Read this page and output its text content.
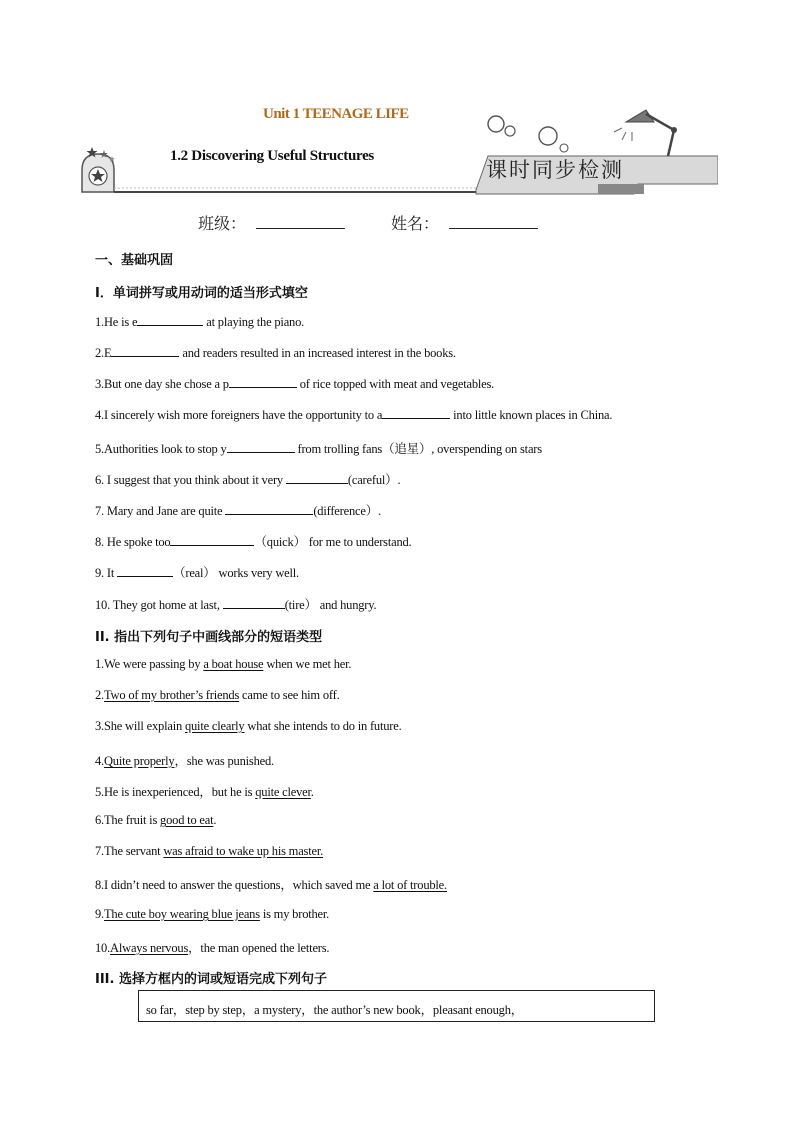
Unit 1 TEENAGE LIFE
1.2 Discovering Useful Structures
课时同步检测
班级：	姓名：
一、基础巩固
I．单词拼写或用动词的适当形式填空
1.He is e	at playing the piano.
2.E	and readers resulted in an increased interest in the books.
3.But one day she chose a p	of rice topped with meat and vegetables.
4.I sincerely wish more foreigners have the opportunity to a	into little known places in China.
5.Authorities look to stop y	from trolling fans（追星）, overspending on stars
6. I suggest that you think about it very	(careful）.
7. Mary and Jane are quite	(difference）.
8. He spoke too	（quick） for me to understand.
9. It	（real） works very well.
10. They got home at last,	(tire） and hungry.
II. 指出下列句子中画线部分的短语类型
1.We were passing by a boat house when we met her.
2.Two of my brother’s friends came to see him off.
3.She will explain quite clearly what she intends to do in future.
4.Quite properly，she was punished.
5.He is inexperienced，but he is quite clever.
6.The fruit is good to eat.
7.The servant was afraid to wake up his master.
8.I didn’t need to answer the questions，which saved me a lot of trouble.
9.The cute boy wearing blue jeans is my brother.
10.Always nervous，the man opened the letters.
III. 选择方框内的词或短语完成下列句子
so far，step by step，a mystery，the author’s new book，pleasant enough，
